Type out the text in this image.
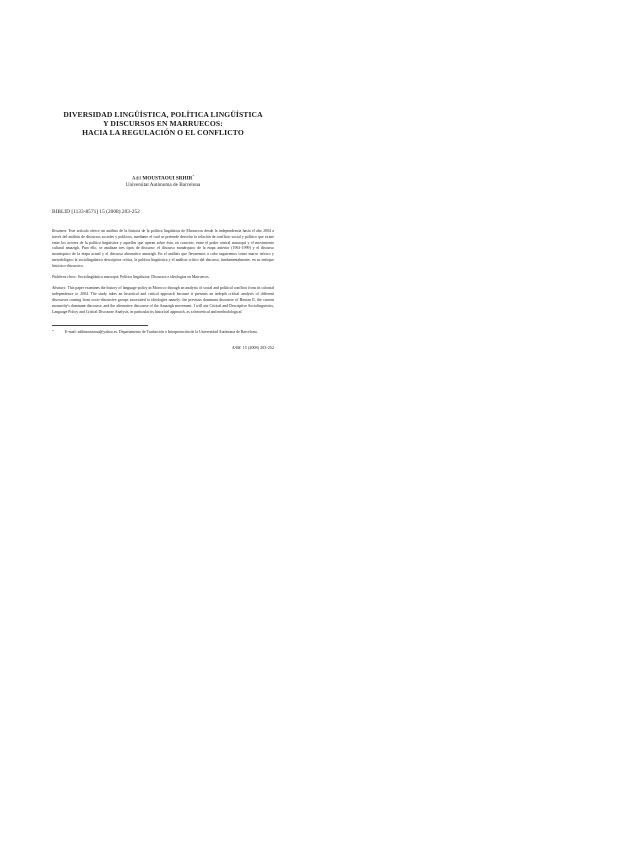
DIVERSIDAD LINGÜÍSTICA, POLÍTICA LINGÜÍSTICA
Y DISCURSOS EN MARRUECOS:
HACIA LA REGULACIÓN O EL CONFLICTO
Adil MOUSTAOUI SRHIR*
Universitat Autònoma de Barcelona
BIBLID [1133-8571] 15 (2008) 203-252
Resumen: Este artículo ofrece un análisis de la historia de la política lingüística de Marruecos desde la independencia hasta el año 2004 a través del análisis de discursos sociales y políticos, mediante el cual se pretende desvelar la relación de conflicto social y político que existe entre los actores de la política lingüística y aquellos que operan sobre ésta, en concreto, entre el poder central marroquí y el movimiento cultural amazigh. Para ello, se analizan tres tipos de discurso: el discurso monárquico de la etapa anterior (1961-1999) y el discurso monárquico de la etapa actual y el discurso alternativo amazigh. En el análisis que llevaremos a cabo seguiremos como marco teórico y metodológico la sociolingüística descriptiva crítica, la política lingüística y el análisis crítico del discurso, fundamentalmente, en su enfoque histórico-discursivo.
Palabras clave: Sociolingüística marroquí; Política lingüística; Discursos e ideologías en Marruecos.
Abstract: This paper examines the history of language policy in Morocco through an analysis of social and political conflicts from its colonial independence to 2004. The study takes an historical and critical approach because it presents an indepth critical analysis of different discourses coming from socio-discursive groups associated to ideologies namely: the previous dominant discourse of Hassan II, the current monarchy's dominant discourse, and the alternative discourse of the Amazigh movement. I will use Critical and Descriptive Sociolinguistics, Language Policy and Critical Discourse Analysis, in particular its historical approach, as a theoretical and methodological
*	E-mail: adilmoustaoui@yahoo.es. Departamento de Traducción e Interpretación de la Universidad Autónoma de Barcelona.
AAM, 15 (2008) 203-252
